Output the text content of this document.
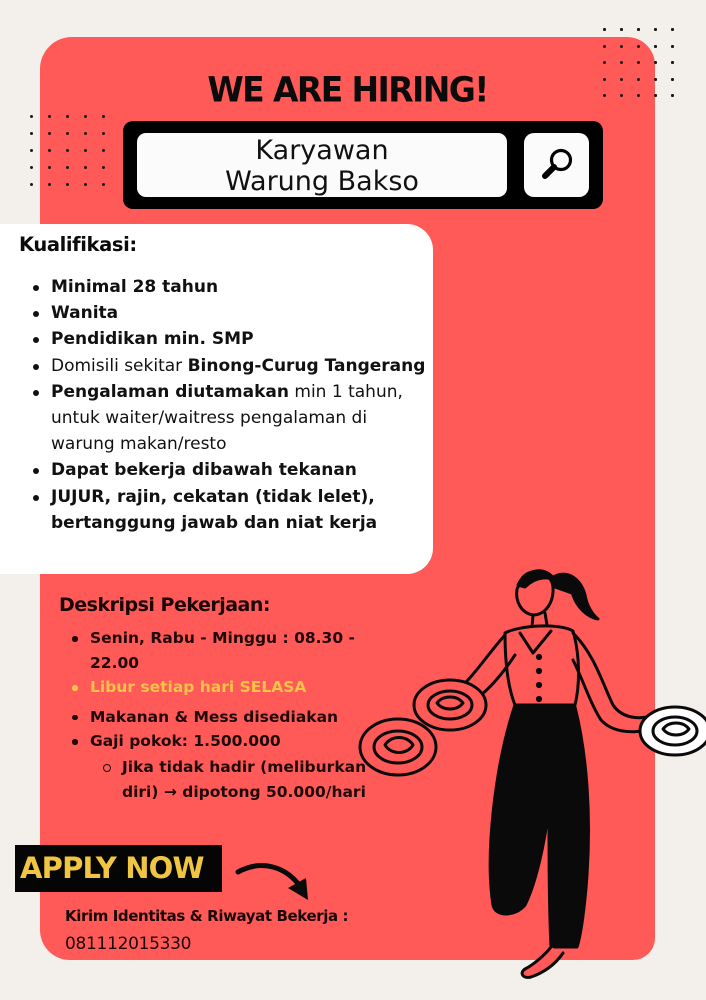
WE ARE HIRING!
Karyawan
Warung Bakso
Kualifikasi:
Minimal 28 tahun
Wanita
Pendidikan min. SMP
Domisili sekitar Binong-Curug Tangerang
Pengalaman diutamakan min 1 tahun, untuk waiter/waitress pengalaman di warung makan/resto
Dapat bekerja dibawah tekanan
JUJUR, rajin, cekatan (tidak lelet), bertanggung jawab dan niat kerja
Deskripsi Pekerjaan:
Senin, Rabu - Minggu : 08.30 - 22.00
Libur setiap hari SELASA
Makanan & Mess disediakan
Gaji pokok: 1.500.000
Jika tidak hadir (meliburkan diri) → dipotong 50.000/hari
APPLY NOW
Kirim Identitas & Riwayat Bekerja :
081112015330
